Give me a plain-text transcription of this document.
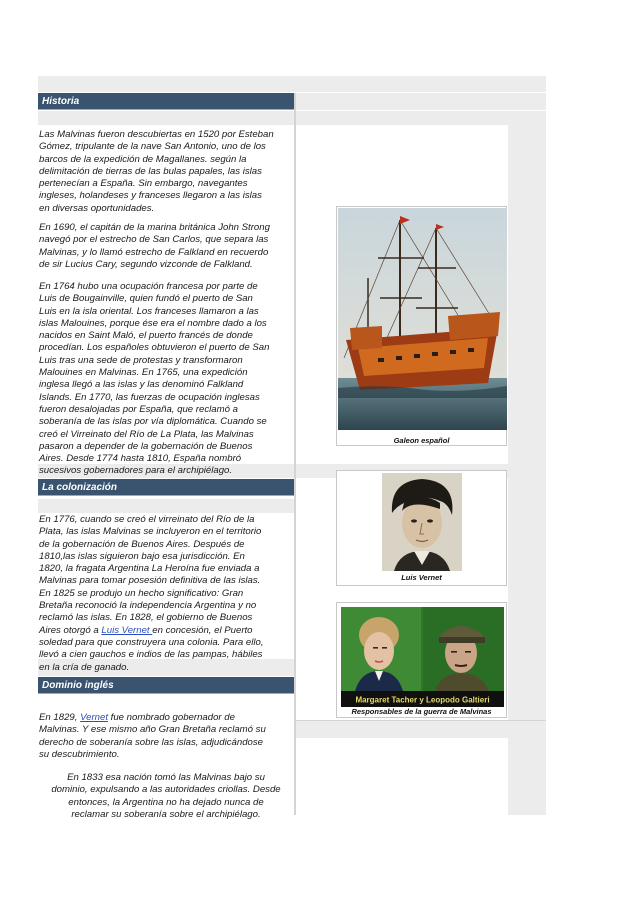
Historia

Las Malvinas fueron descubiertas en 1520 por Esteban
Gómez, tripulante de la nave San Antonio, uno de los
barcos de la expedición de Magallanes. según la
delimitación de tierras de las bulas papales, las islas
pertenecían a España. Sin embargo, navegantes
ingleses, holandeses y franceses llegaron a las islas
en diversas oportunidades.

En 1690, el capitán de la marina británica John Strong
navegó por el estrecho de San Carlos, que separa las
Malvinas, y lo llamó estrecho de Falkland en recuerdo
de sir Lucius Cary, segundo vizconde de Falkland.

En 1764 hubo una ocupación francesa por parte de
Luis de Bougainville, quien fundó el puerto de San
Luis en la isla oriental. Los franceses llamaron a las
islas Malouines, porque ése era el nombre dado a los
nacidos en Saint Maló, el puerto francés de donde
procedían. Los españoles obtuvieron el puerto de San
Luis tras una sede de protestas y transformaron
Malouines en Malvinas. En 1765, una expedición
inglesa llegó a las islas y las denominó Falkland
Islands. En 1770, las fuerzas de ocupación inglesas
fueron desalojadas por España, que reclamó a
soberanía de las islas por vía diplomática. Cuando se
creó el Virreinato del Río de La Plata, las Malvinas
pasaron a depender de la gobernación de Buenos
Aires. Desde 1774 hasta 1810, España nombró
sucesivos gobernadores para el archipiélago.

La colonización

En 1776, cuando se creó el virreinato del Río de la
Plata, las islas Malvinas se incluyeron en el territorio
de la gobernación de Buenos Aires. Después de
1810,las islas siguieron bajo esa jurisdicción. En
1820, la fragata Argentina La Heroína fue enviada a
Malvinas para tomar posesión definitiva de las islas.
En 1825 se produjo un hecho significativo: Gran
Bretaña reconoció la independencia Argentina y no
reclamó las islas. En 1828, el gobierno de Buenos
Aires otorgó a Luis Vernet en concesión, el Puerto
soledad para que construyera una colonia. Para ello,
llevó a cien gauchos e indios de las pampas, hábiles
en la cría de ganado.

Dominio inglés

En 1829, Vernet fue nombrado gobernador de
Malvinas. Y ese mismo año Gran Bretaña reclamó su
derecho de soberanía sobre las islas, adjudicándose
su descubrimiento.

En 1833 esa nación tomó las Malvinas bajo su
dominio, expulsando a las autoridades criollas. Desde
entonces, la Argentina no ha dejado nunca de
reclamar su soberanía sobre el archipiélago.

Galeon español
Luis Vernet
Margaret Tacher y Leopodo Galtieri
Responsables de la guerra de Malvinas
